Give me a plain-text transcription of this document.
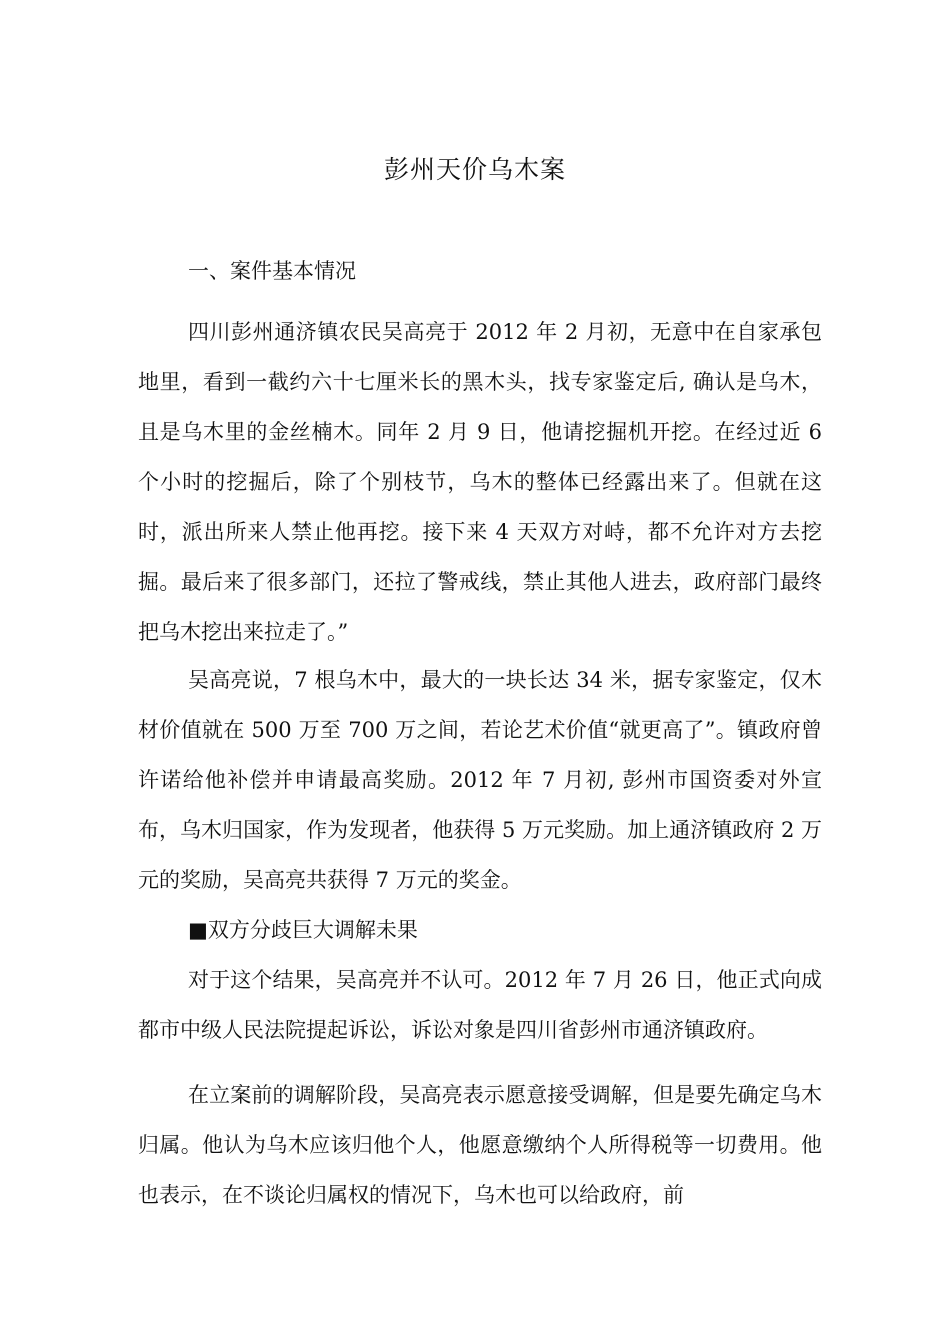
彭州天价乌木案
一、案件基本情况

四川彭州通济镇农民吴高亮于 2012 年 2 月初，无意中在自家承包地里，看到一截约六十七厘米长的黑木头，找专家鉴定后, 确认是乌木，且是乌木里的金丝楠木。同年 2 月 9 日，他请挖掘机开挖。在经过近 6 个小时的挖掘后，除了个别枝节，乌木的整体已经露出来了。但就在这时，派出所来人禁止他再挖。接下来 4 天双方对峙，都不允许对方去挖掘。最后来了很多部门，还拉了警戒线，禁止其他人进去，政府部门最终把乌木挖出来拉走了。”

吴高亮说，7 根乌木中，最大的一块长达 34 米，据专家鉴定，仅木材价值就在 500 万至 700 万之间，若论艺术价值“就更高了”。镇政府曾许诺给他补偿并申请最高奖励。2012 年 7 月初, 彭州市国资委对外宣布，乌木归国家，作为发现者，他获得 5 万元奖励。加上通济镇政府 2 万元的奖励，吴高亮共获得 7 万元的奖金。

■双方分歧巨大调解未果

对于这个结果，吴高亮并不认可。2012 年 7 月 26 日，他正式向成都市中级人民法院提起诉讼，诉讼对象是四川省彭州市通济镇政府。

在立案前的调解阶段，吴高亮表示愿意接受调解，但是要先确定乌木归属。他认为乌木应该归他个人，他愿意缴纳个人所得税等一切费用。他也表示，在不谈论归属权的情况下，乌木也可以给政府，前
